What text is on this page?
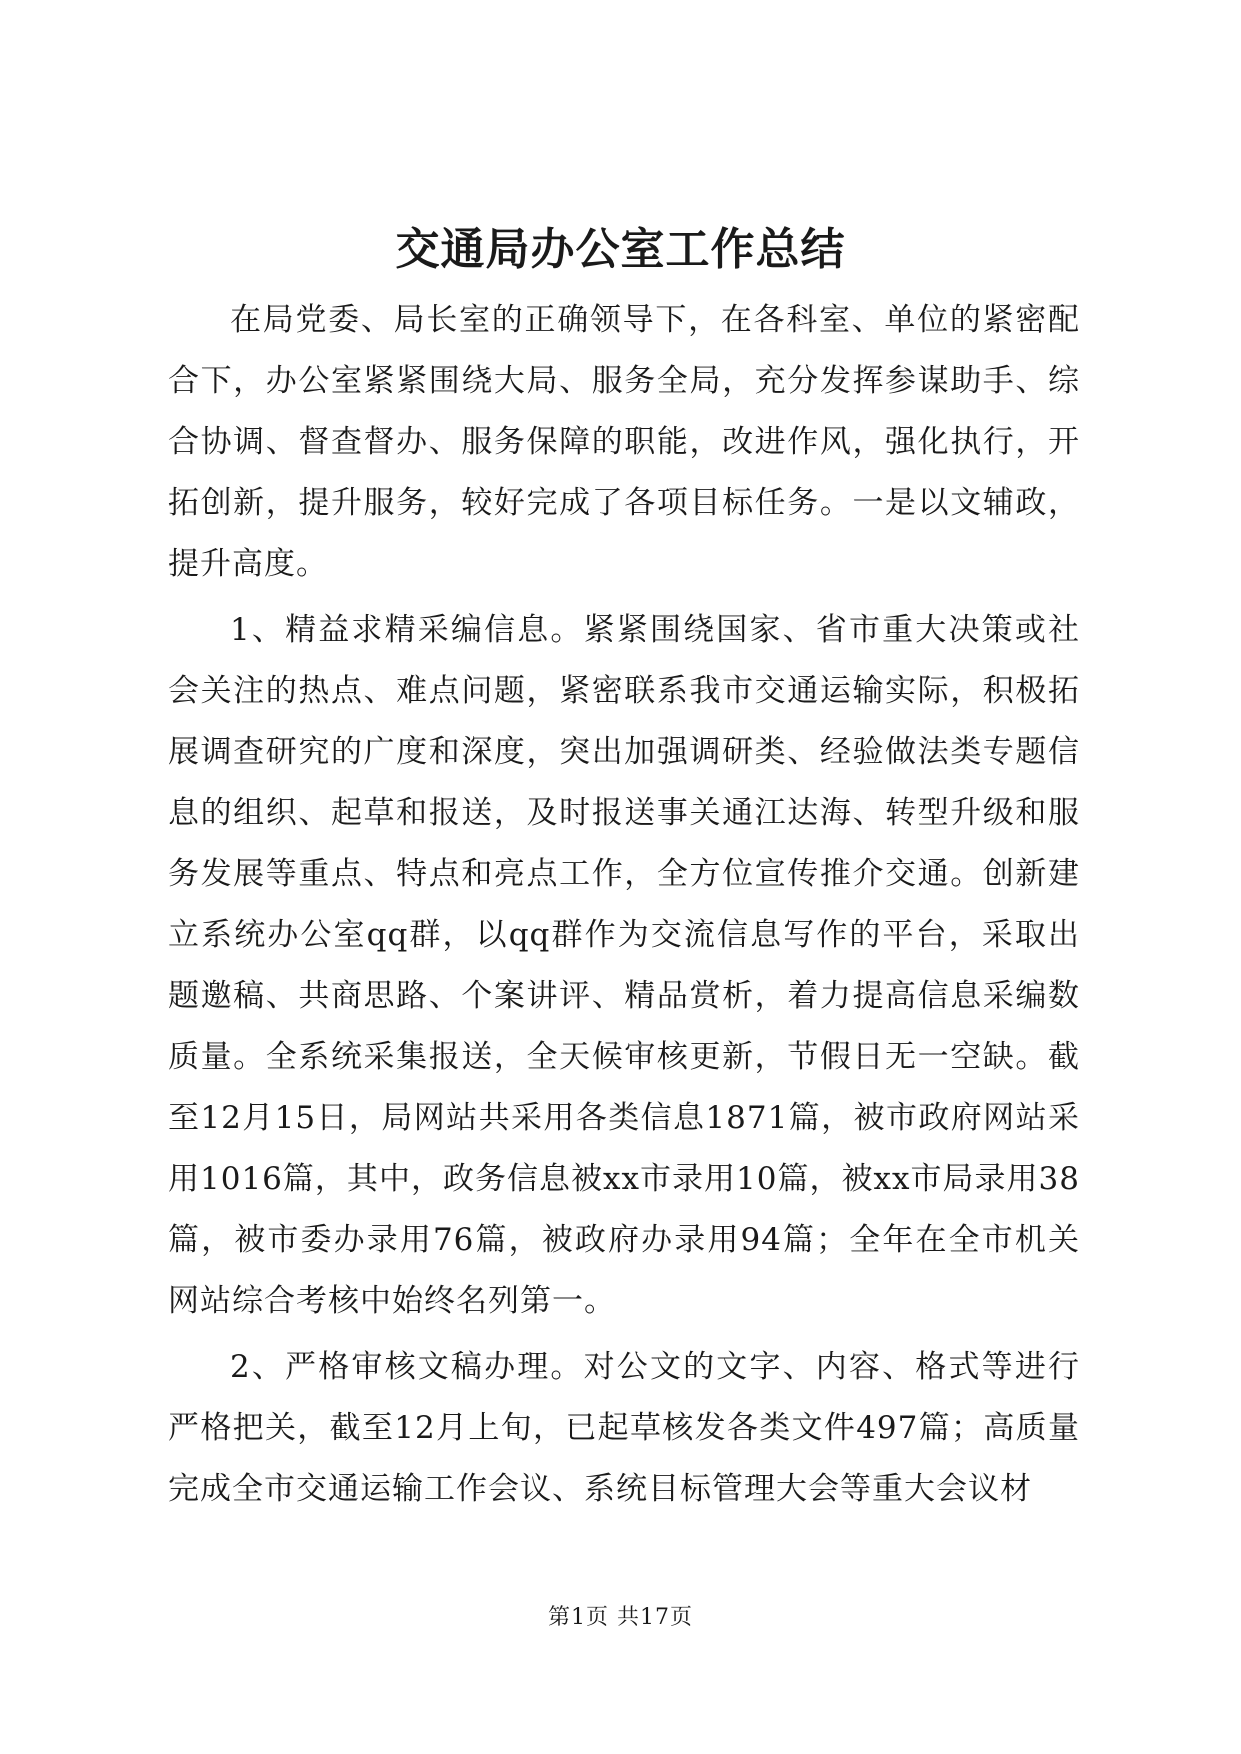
交通局办公室工作总结

在局党委、局长室的正确领导下，在各科室、单位的紧密配合下，办公室紧紧围绕大局、服务全局，充分发挥参谋助手、综合协调、督查督办、服务保障的职能，改进作风，强化执行，开拓创新，提升服务，较好完成了各项目标任务。一是以文辅政，提升高度。

1、精益求精采编信息。紧紧围绕国家、省市重大决策或社会关注的热点、难点问题，紧密联系我市交通运输实际，积极拓展调查研究的广度和深度，突出加强调研类、经验做法类专题信息的组织、起草和报送，及时报送事关通江达海、转型升级和服务发展等重点、特点和亮点工作，全方位宣传推介交通。创新建立系统办公室qq群，以qq群作为交流信息写作的平台，采取出题邀稿、共商思路、个案讲评、精品赏析，着力提高信息采编数质量。全系统采集报送，全天候审核更新，节假日无一空缺。截至12月15日，局网站共采用各类信息1871篇，被市政府网站采用1016篇，其中，政务信息被xx市录用10篇，被xx市局录用38篇，被市委办录用76篇，被政府办录用94篇；全年在全市机关网站综合考核中始终名列第一。

2、严格审核文稿办理。对公文的文字、内容、格式等进行严格把关，截至12月上旬，已起草核发各类文件497篇；高质量完成全市交通运输工作会议、系统目标管理大会等重大会议材

第1页 共17页
